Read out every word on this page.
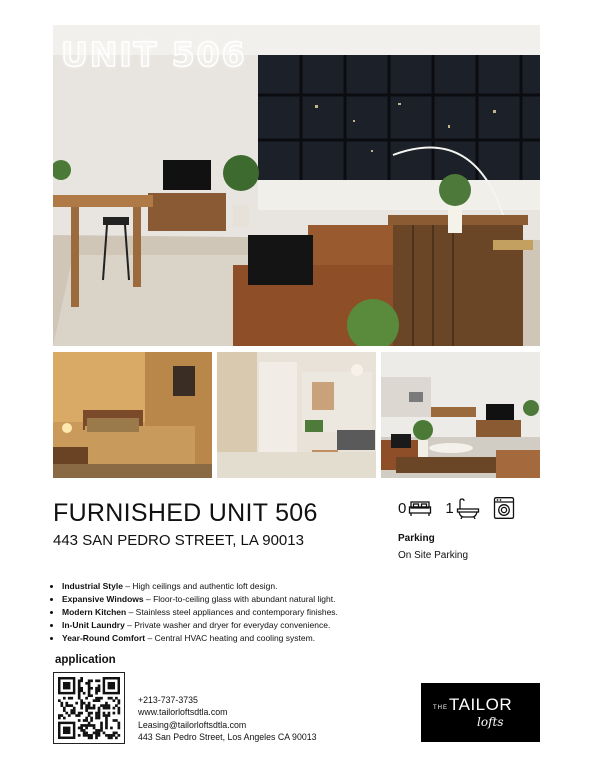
UNIT 506
FURNISHED UNIT 506
443 SAN PEDRO STREET, LA 90013
0	1
Parking
On Site Parking
• Industrial Style – High ceilings and authentic loft design.
• Expansive Windows – Floor-to-ceiling glass with abundant natural light.
• Modern Kitchen – Stainless steel appliances and contemporary finishes.
• In-Unit Laundry – Private washer and dryer for everyday convenience.
• Year-Round Comfort – Central HVAC heating and cooling system.
application
+213-737-3735
www.tailorloftsdtla.com
Leasing@tailorloftsdtla.com
443 San Pedro Street, Los Angeles CA 90013
THE TAILOR
lofts
